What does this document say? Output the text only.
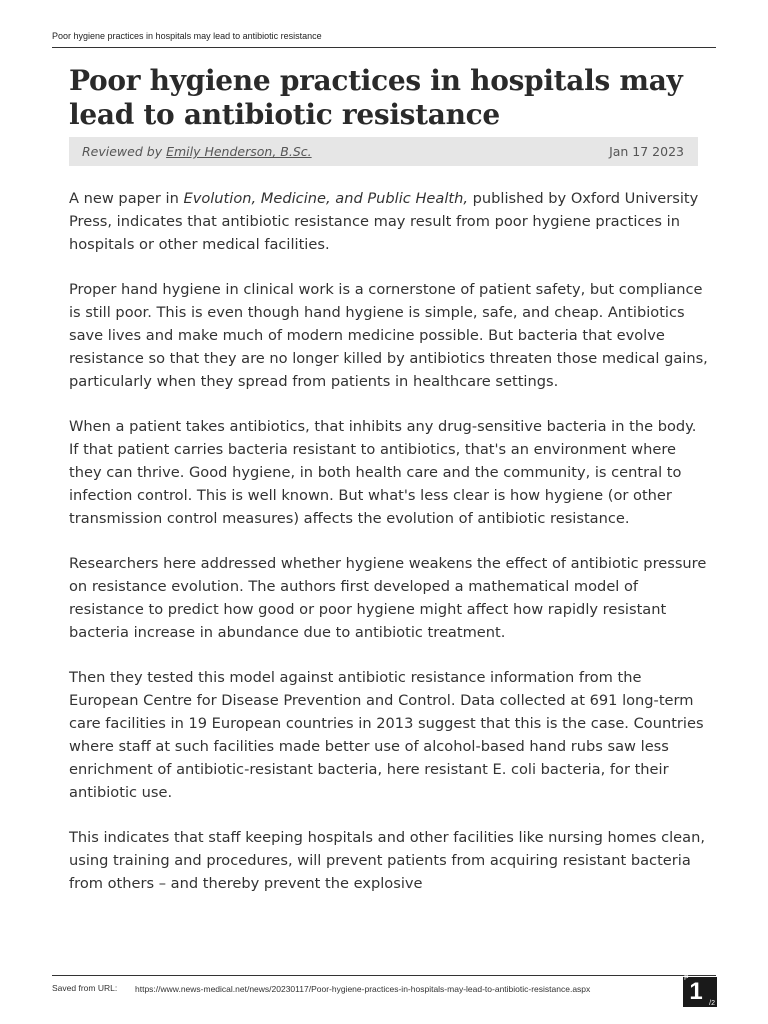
Poor hygiene practices in hospitals may lead to antibiotic resistance
Poor hygiene practices in hospitals may lead to antibiotic resistance
Reviewed by Emily Henderson, B.Sc.	Jan 17 2023

A new paper in Evolution, Medicine, and Public Health, published by Oxford University Press, indicates that antibiotic resistance may result from poor hygiene practices in hospitals or other medical facilities.

Proper hand hygiene in clinical work is a cornerstone of patient safety, but compliance is still poor. This is even though hand hygiene is simple, safe, and cheap. Antibiotics save lives and make much of modern medicine possible. But bacteria that evolve resistance so that they are no longer killed by antibiotics threaten those medical gains, particularly when they spread from patients in healthcare settings.

When a patient takes antibiotics, that inhibits any drug-sensitive bacteria in the body. If that patient carries bacteria resistant to antibiotics, that's an environment where they can thrive. Good hygiene, in both health care and the community, is central to infection control. This is well known. But what's less clear is how hygiene (or other transmission control measures) affects the evolution of antibiotic resistance.

Researchers here addressed whether hygiene weakens the effect of antibiotic pressure on resistance evolution. The authors first developed a mathematical model of resistance to predict how good or poor hygiene might affect how rapidly resistant bacteria increase in abundance due to antibiotic treatment.

Then they tested this model against antibiotic resistance information from the European Centre for Disease Prevention and Control. Data collected at 691 long-term care facilities in 19 European countries in 2013 suggest that this is the case. Countries where staff at such facilities made better use of alcohol-based hand rubs saw less enrichment of antibiotic-resistant bacteria, here resistant E. coli bacteria, for their antibiotic use.

This indicates that staff keeping hospitals and other facilities like nursing homes clean, using training and procedures, will prevent patients from acquiring resistant bacteria from others – and thereby prevent the explosive

Saved from URL: https://www.news-medical.net/news/20230117/Poor-hygiene-practices-in-hospitals-may-lead-to-antibiotic-resistance.aspx
P 1 /2
